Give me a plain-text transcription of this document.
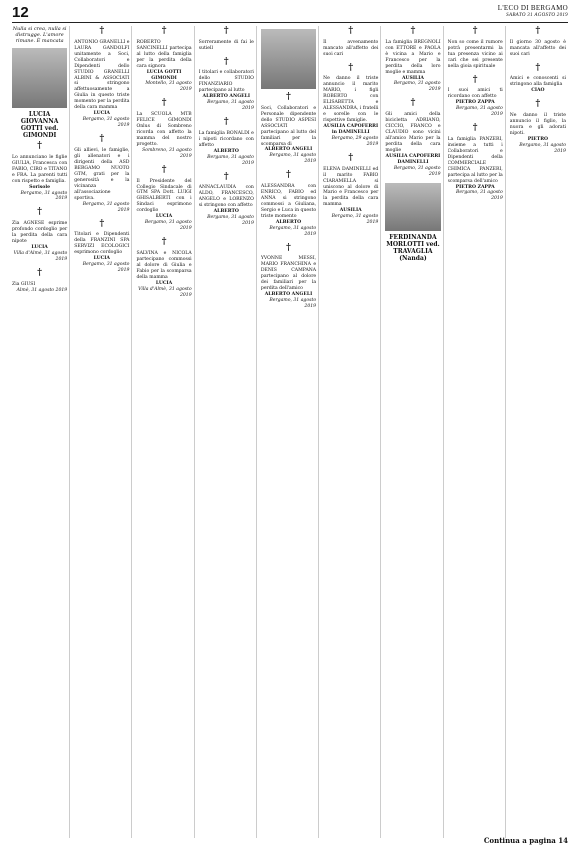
12	L'ECO DI BERGAMO
SABATO 31 AGOSTO 2019
Nulla si crea, nulla si distrugge. L'amore rimane. È mancata
LUCIA GIOVANNA GOTTI ved. GIMONDI
†
Lo annunciano le figlie GIULIA, Francesca con FABIO, CIRO e TITANO e FRA. La parenti tutti con rispetto e famiglia.
Sorisole
Bergamo, 31 agosto 2019
†
Zia AGNESE esprime profondo cordoglio per la perdita della cara nipote
LUCIA
Villa d'Almè, 31 agosto 2019
†
Zia GIUSI
Almè, 31 agosto 2019
†
ANTONIO GRANELLI e LAURA GANDOLFI unitamente a Soci, Collaboratori e Dipendenti dello STUDIO GRANELLI ALBINI & ASSOCIATI si stringono affettuosamente a Giulia in questo triste momento per la perdita della cara mamma
LUCIA
Bergamo, 31 agosto 2019
†
Gli allievi, le famiglie, gli allenatori e i dirigenti della ASD BERGAMO NUOTO GTM, grati per la generosità e la vicinanza all'associazione sportiva.
Bergamo, 31 agosto 2019
†
Titolari e Dipendenti della FRANZINI SPA SERVIZI ECOLOGICI esprimono cordoglio
LUCIA
Bergamo, 31 agosto 2019
†
ROBERTO SANCINELLI partecipa al lutto della famiglia per la perdita della cara signora
LUCIA GOTTI GIMONDI
Montello, 31 agosto 2019
†
La SCUOLA MTB FELICE GIMONDI Onlus di Sombreno ricorda con affetto la mamma del nostro progetto.
Sombreno, 31 agosto 2019
†
Il Presidente del Collegio Sindacale di GTM SPA Dott. LUIGI GHISALBERTI con i Sindaci esprimono cordoglio
LUCIA
Bergamo, 31 agosto 2019
†
SALVINA e NICOLA partecipano commossi al dolore di Giulia e Fabio per la scomparsa della mamma
LUCIA
Villa d'Almè, 31 agosto 2019
†
Sorreramente di fai le sutiell
†
I titolari e collaboratori dello STUDIO FINANZIARIO partecipano al lutto
ALBERTO ANGELI
Bergamo, 31 agosto 2019
†
La famiglia BONALDI e i nipoti ricordano con affetto
ALBERTO
Bergamo, 31 agosto 2019
†
ANNACLAUDIA con ALDO, FRANCESCO, ANGELO e LORENZO si stringono con affetto
ALBERTO
Bergamo, 31 agosto 2019
†
Soci, Collaboratori e Personale dipendente dello STUDIO ASPESI ASSOCIATI partecipano al lutto del familiari per la scomparsa di
ALBERTO ANGELI
Bergamo, 31 agosto 2019
†
ALESSANDRA con ENRICO, FABIO ed ANNA si stringono commossi a Giuliana, Sergio e Luca in questo triste momento
ALBERTO
Bergamo, 31 agosto 2019
†
YVONNE MESSI, MARIO FRANCHINA e DENIS CAMPANA partecipano al dolore dei familiari per la perdita dell'amico
ALBERTO ANGELI
Bergamo, 31 agosto 2019
†
Il avvenamento mancato all'affetto dei suoi cari
†
Ne danno il triste annuncio il marito MARIO, i figli ROBERTO con ELISABETTA e ALESSANDRA, i fratelli e sorelle con le rispettive famiglie.
AUSILIA CAPOFERRI in DAMINELLI
Bergamo, 29 agosto 2019
†
ELENA DAMINELLI ed il marito FABIO CIARAMELLA si uniscono al dolore di Mario e Francesco per la perdita della cara mamma
AUSILIA
Bergamo, 31 agosto 2019
†
La famiglia BREGNOLI con ETTORE e PAOLA è vicina a Mario e Francesco per la perdita della loro moglie e mamma
AUSILIA
Bergamo, 31 agosto 2019
†
Gli amici della bicicletta ADRIANO, CICCIO, FRANCO e CLAUDIO sono vicini all'amico Mario per la perdita della cara moglie
AUSILIA CAPOFERRI DAMINELLI
Bergamo, 31 agosto 2019
FERDINANDA MORLOTTI ved. TRAVAGLIA (Nanda)
†
Non so come il rumore potrà presentarmi la tua presenza vicino ai cari che sei presente nella gioia spirituale
†
I suoi amici ti ricordano con affetto
PIETRO ZAPPA
Bergamo, 31 agosto 2019
†
La famiglia PANZERI, insieme a tutti i Collaboratori e Dipendenti della COMMERCIALE CHIMICA PANZERI, partecipa al lutto per la scomparsa dell'amico
PIETRO ZAPPA
Bergamo, 31 agosto 2019
†
Il giorno 30 agosto è mancata all'affetto dei suoi cari
†
Amici e conoscenti si stringono alla famiglia
CIAO
†
Ne danno il triste annuncio il figlio, la nuora e gli adorati nipoti.
PIETRO
Bergamo, 31 agosto 2019
Continua a pagina 14
